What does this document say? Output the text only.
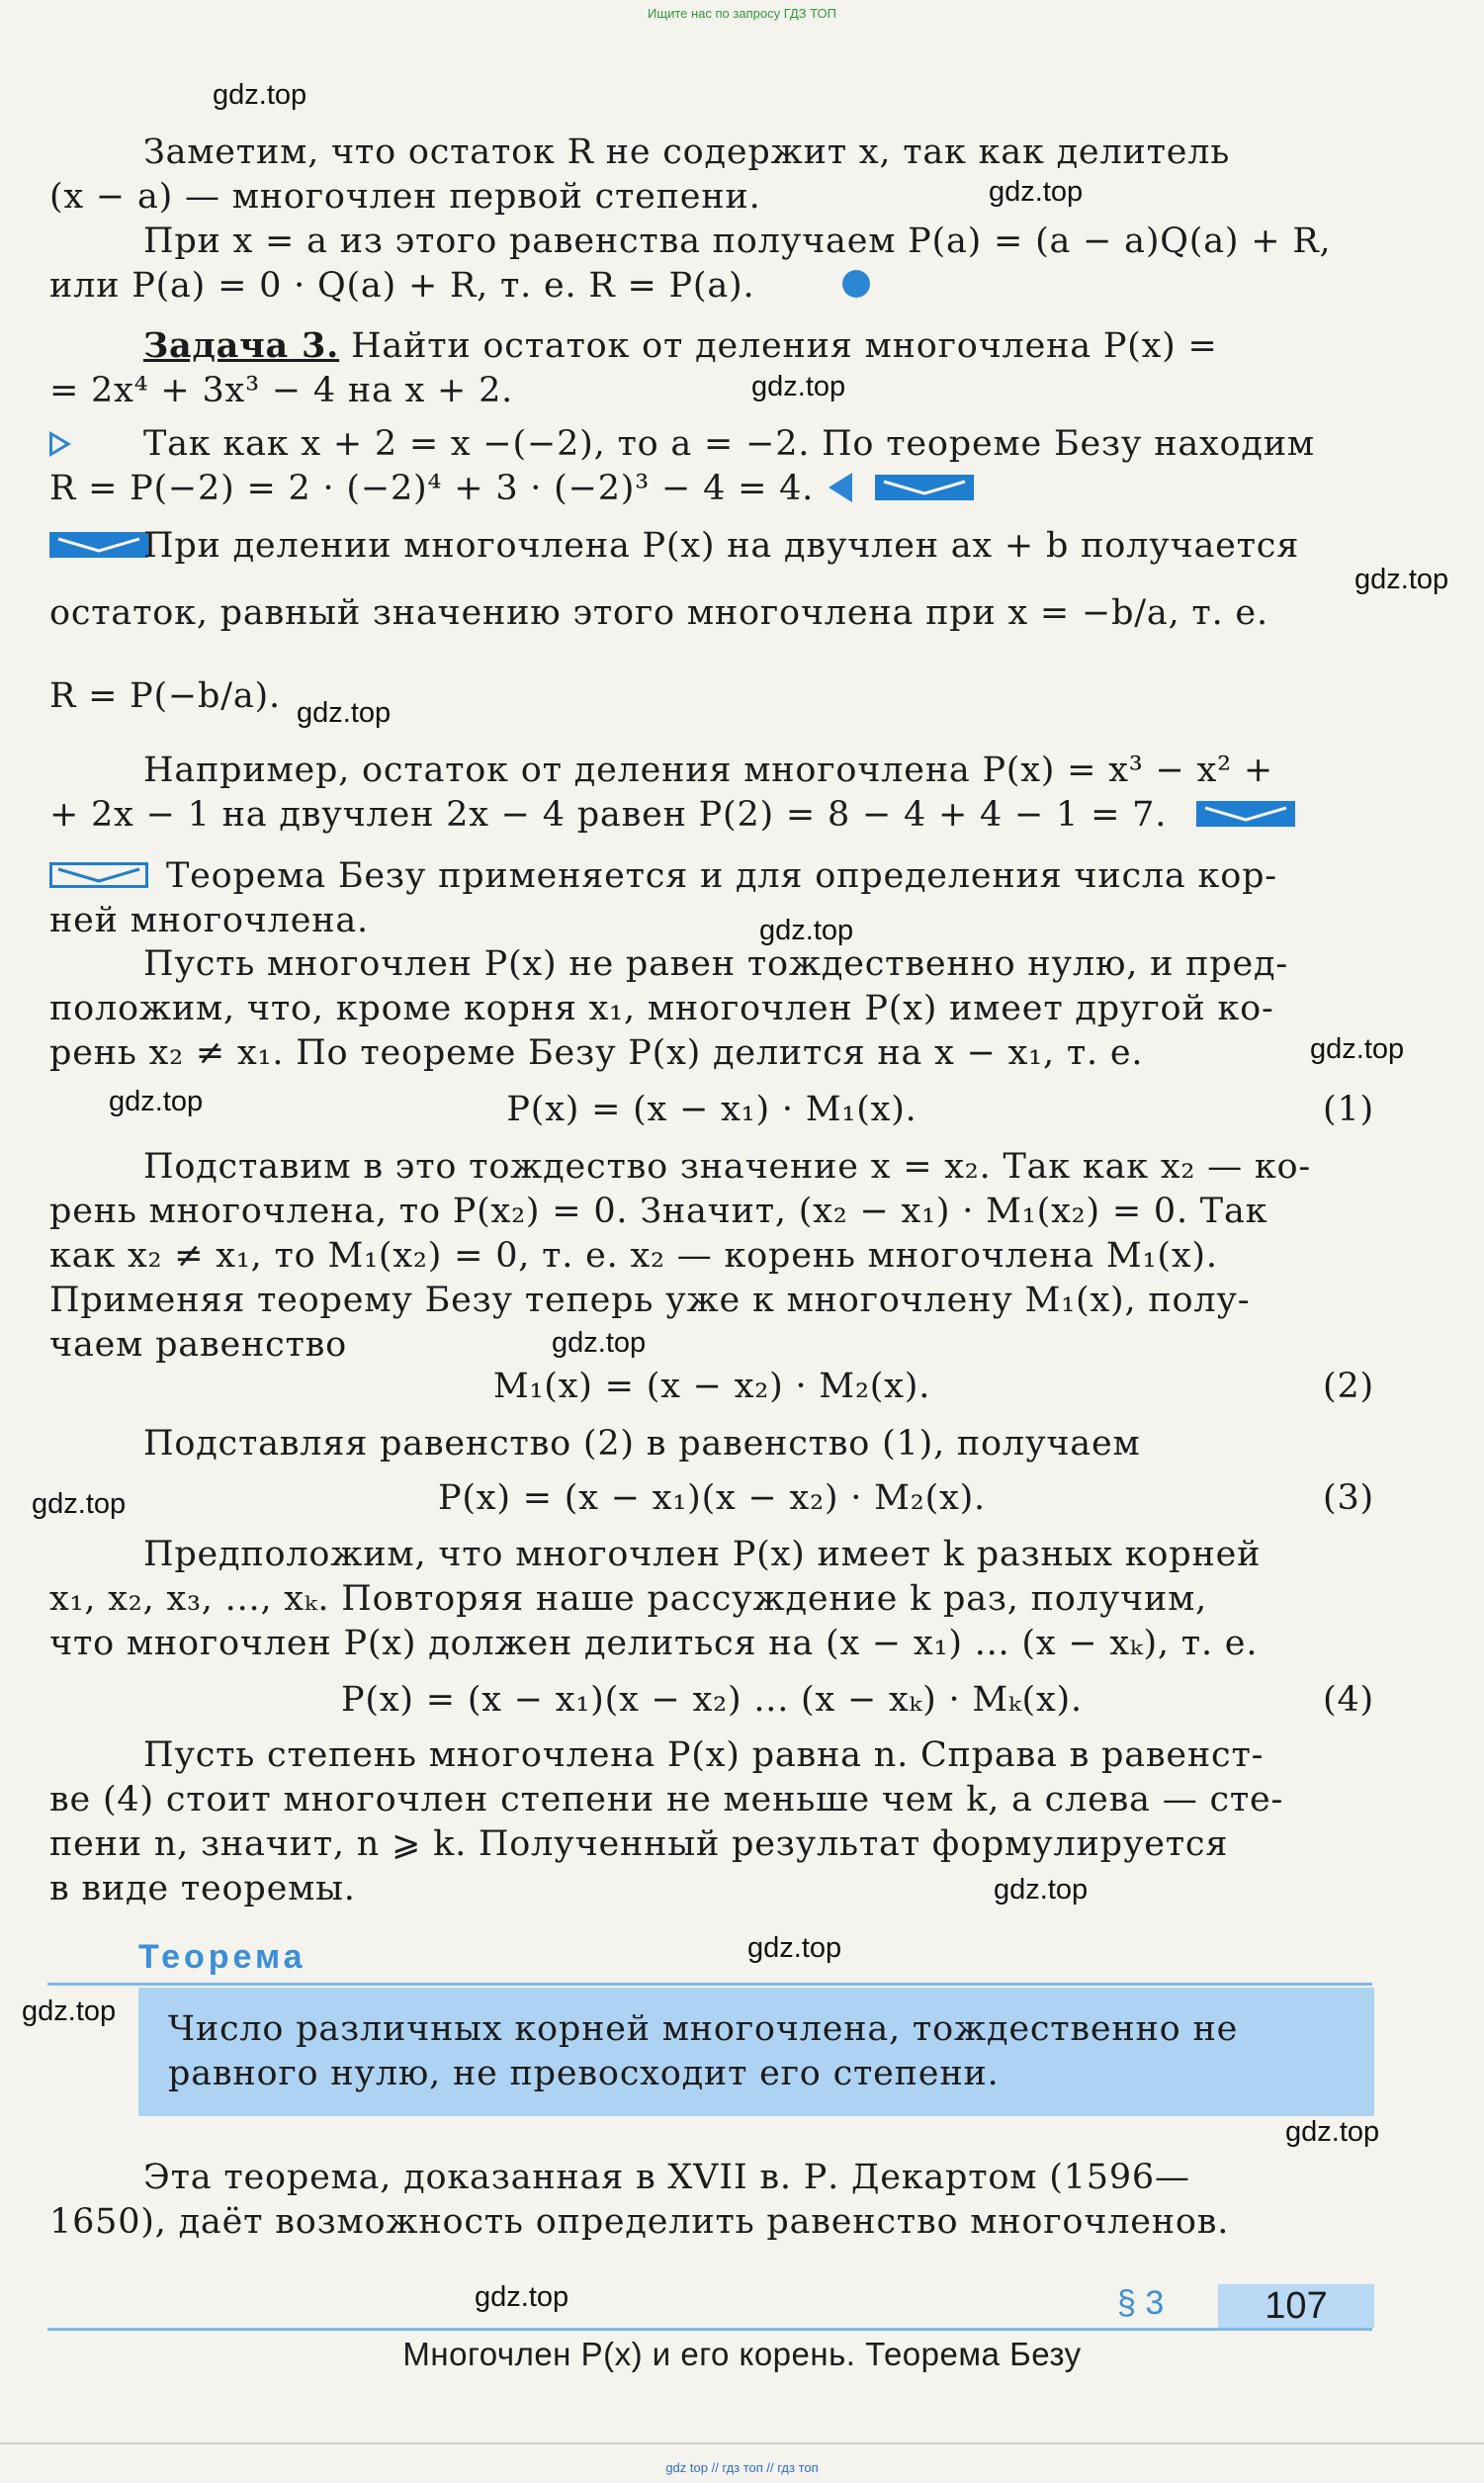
Ищите нас по запросу ГДЗ ТОП
gdz.top
gdz.top
gdz.top
gdz.top
gdz.top
gdz.top
gdz.top
gdz.top
gdz.top
gdz.top
gdz.top
gdz.top
gdz.top
gdz.top
gdz.top
Заметим, что остаток R не содержит x, так как делитель
(x − a) — многочлен первой степени.
При x = a из этого равенства получаем P(a) = (a − a)Q(a) + R,
или P(a) = 0 · Q(a) + R, т. е. R = P(a).
Задача 3. Найти остаток от деления многочлена P(x) =
= 2x⁴ + 3x³ − 4 на x + 2.
Так как x + 2 = x −(−2), то a = −2. По теореме Безу находим
R = P(−2) = 2 · (−2)⁴ + 3 · (−2)³ − 4 = 4.
При делении многочлена P(x) на двучлен ax + b получается
остаток, равный значению этого многочлена при x = −b/a, т. е.
R = P(−b/a).
Например, остаток от деления многочлена P(x) = x³ − x² +
+ 2x − 1 на двучлен 2x − 4 равен P(2) = 8 − 4 + 4 − 1 = 7.
Теорема Безу применяется и для определения числа кор-
ней многочлена.
Пусть многочлен P(x) не равен тождественно нулю, и пред-
положим, что, кроме корня x₁, многочлен P(x) имеет другой ко-
рень x₂ ≠ x₁. По теореме Безу P(x) делится на x − x₁, т. е.
P(x) = (x − x₁) · M₁(x).	(1)
Подставим в это тождество значение x = x₂. Так как x₂ — ко-
рень многочлена, то P(x₂) = 0. Значит, (x₂ − x₁) · M₁(x₂) = 0. Так
как x₂ ≠ x₁, то M₁(x₂) = 0, т. е. x₂ — корень многочлена M₁(x).
Применяя теорему Безу теперь уже к многочлену M₁(x), полу-
чаем равенство
M₁(x) = (x − x₂) · M₂(x).	(2)
Подставляя равенство (2) в равенство (1), получаем
P(x) = (x − x₁)(x − x₂) · M₂(x).	(3)
Предположим, что многочлен P(x) имеет k разных корней
x₁, x₂, x₃, ..., xₖ. Повторяя наше рассуждение k раз, получим,
что многочлен P(x) должен делиться на (x − x₁) ... (x − xₖ), т. е.
P(x) = (x − x₁)(x − x₂) ... (x − xₖ) · Mₖ(x).	(4)
Пусть степень многочлена P(x) равна n. Справа в равенст-
ве (4) стоит многочлен степени не меньше чем k, а слева — сте-
пени n, значит, n ⩾ k. Полученный результат формулируется
в виде теоремы.
Теорема
Число различных корней многочлена, тождественно не
равного нулю, не превосходит его степени.
Эта теорема, доказанная в XVII в. Р. Декартом (1596—
1650), даёт возможность определить равенство многочленов.
§ 3	107
Многочлен P(x) и его корень. Теорема Безу
gdz top // гдз топ // гдз топ
